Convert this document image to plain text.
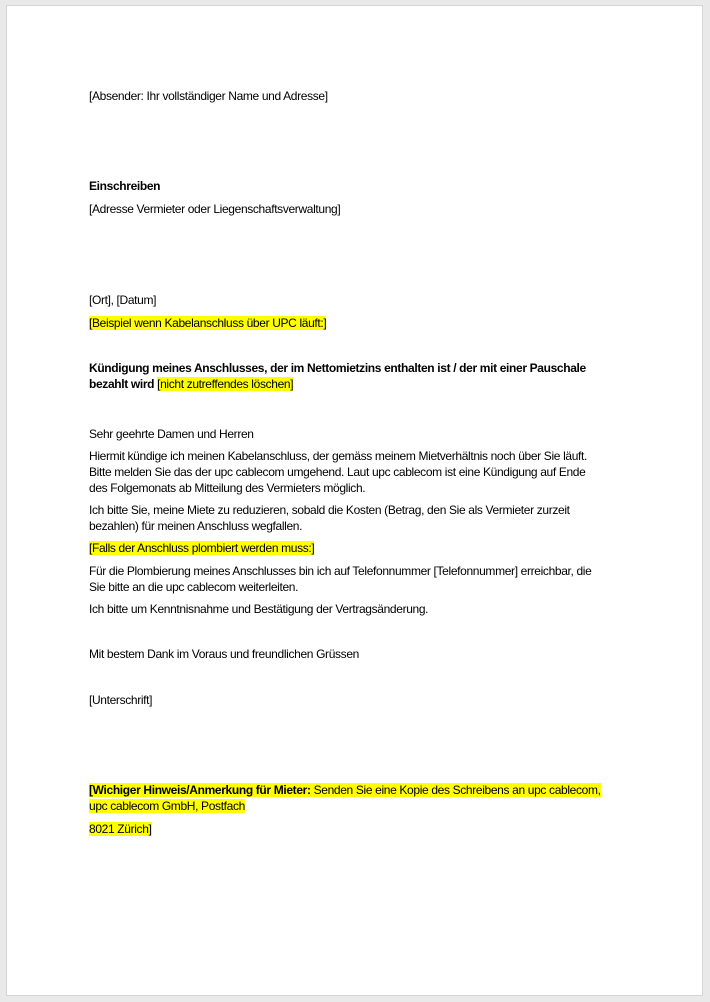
[Absender: Ihr vollständiger Name und Adresse]
Einschreiben
[Adresse Vermieter oder Liegenschaftsverwaltung]
[Ort], [Datum]
[Beispiel wenn Kabelanschluss über UPC läuft:]
Kündigung meines Anschlusses, der im Nettomietzins enthalten ist / der mit einer Pauschale
bezahlt wird [nicht zutreffendes löschen]
Sehr geehrte Damen und Herren
Hiermit kündige ich meinen Kabelanschluss, der gemäss meinem Mietverhältnis noch über Sie läuft.
Bitte melden Sie das der upc cablecom umgehend. Laut upc cablecom ist eine Kündigung auf Ende
des Folgemonats ab Mitteilung des Vermieters möglich.
Ich bitte Sie, meine Miete zu reduzieren, sobald die Kosten (Betrag, den Sie als Vermieter zurzeit
bezahlen) für meinen Anschluss wegfallen.
[Falls der Anschluss plombiert werden muss:]
Für die Plombierung meines Anschlusses bin ich auf Telefonnummer [Telefonnummer] erreichbar, die
Sie bitte an die upc cablecom weiterleiten.
Ich bitte um Kenntnisnahme und Bestätigung der Vertragsänderung.
Mit bestem Dank im Voraus und freundlichen Grüssen
[Unterschrift]
[Wichiger Hinweis/Anmerkung für Mieter: Senden Sie eine Kopie des Schreibens an upc cablecom,
upc cablecom GmbH, Postfach
8021 Zürich]
